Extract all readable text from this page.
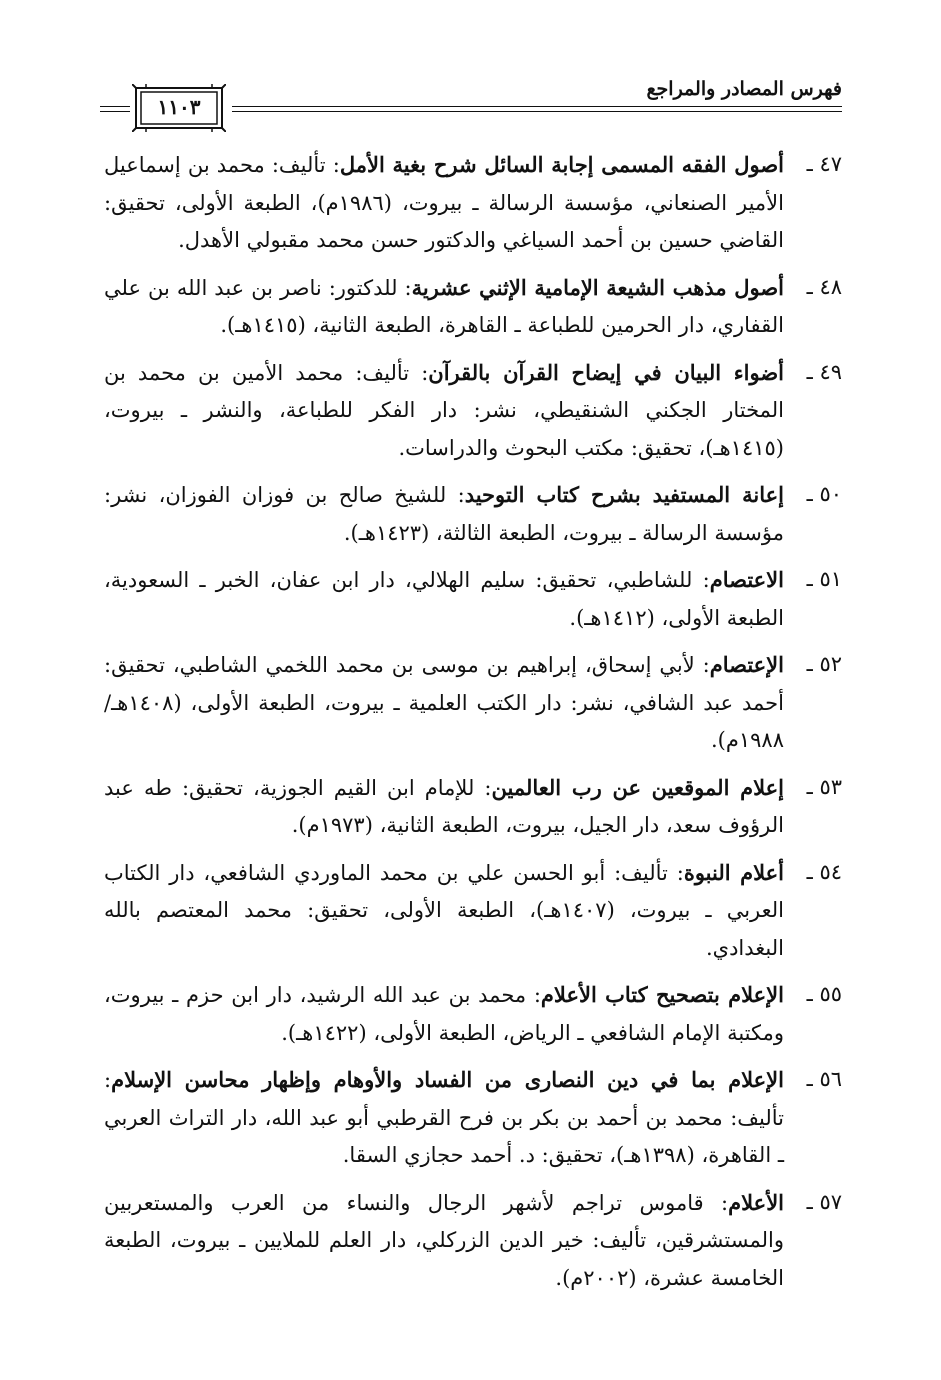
فهرس المصادر والمراجع
١١٠٣
٤٧ ـ
أصول الفقه المسمى إجابة السائل شرح بغية الأمل: تأليف: محمد بن إسماعيل الأمير الصنعاني، مؤسسة الرسالة ـ بيروت، (١٩٨٦م)، الطبعة الأولى، تحقيق: القاضي حسين بن أحمد السياغي والدكتور حسن محمد مقبولي الأهدل.
٤٨ ـ
أصول مذهب الشيعة الإمامية الإثني عشرية: للدكتور: ناصر بن عبد الله بن علي القفاري، دار الحرمين للطباعة ـ القاهرة، الطبعة الثانية، (١٤١٥هـ).
٤٩ ـ
أضواء البيان في إيضاح القرآن بالقرآن: تأليف: محمد الأمين بن محمد بن المختار الجكني الشنقيطي، نشر: دار الفكر للطباعة، والنشر ـ بيروت، (١٤١٥هـ)، تحقيق: مكتب البحوث والدراسات.
٥٠ ـ
إعانة المستفيد بشرح كتاب التوحيد: للشيخ صالح بن فوزان الفوزان، نشر: مؤسسة الرسالة ـ بيروت، الطبعة الثالثة، (١٤٢٣هـ).
٥١ ـ
الاعتصام: للشاطبي، تحقيق: سليم الهلالي، دار ابن عفان، الخبر ـ السعودية، الطبعة الأولى، (١٤١٢هـ).
٥٢ ـ
الإعتصام: لأبي إسحاق، إبراهيم بن موسى بن محمد اللخمي الشاطبي، تحقيق: أحمد عبد الشافي، نشر: دار الكتب العلمية ـ بيروت، الطبعة الأولى، (١٤٠٨هـ/ ١٩٨٨م).
٥٣ ـ
إعلام الموقعين عن رب العالمين: للإمام ابن القيم الجوزية، تحقيق: طه عبد الرؤوف سعد، دار الجيل، بيروت، الطبعة الثانية، (١٩٧٣م).
٥٤ ـ
أعلام النبوة: تأليف: أبو الحسن علي بن محمد الماوردي الشافعي، دار الكتاب العربي ـ بيروت، (١٤٠٧هـ)، الطبعة الأولى، تحقيق: محمد المعتصم بالله البغدادي.
٥٥ ـ
الإعلام بتصحيح كتاب الأعلام: محمد بن عبد الله الرشيد، دار ابن حزم ـ بيروت، ومكتبة الإمام الشافعي ـ الرياض، الطبعة الأولى، (١٤٢٢هـ).
٥٦ ـ
الإعلام بما في دين النصارى من الفساد والأوهام وإظهار محاسن الإسلام: تأليف: محمد بن أحمد بن بكر بن فرح القرطبي أبو عبد الله، دار التراث العربي ـ القاهرة، (١٣٩٨هـ)، تحقيق: د. أحمد حجازي السقا.
٥٧ ـ
الأعلام: قاموس تراجم لأشهر الرجال والنساء من العرب والمستعربين والمستشرقين، تأليف: خير الدين الزركلي، دار العلم للملايين ـ بيروت، الطبعة الخامسة عشرة، (٢٠٠٢م).
